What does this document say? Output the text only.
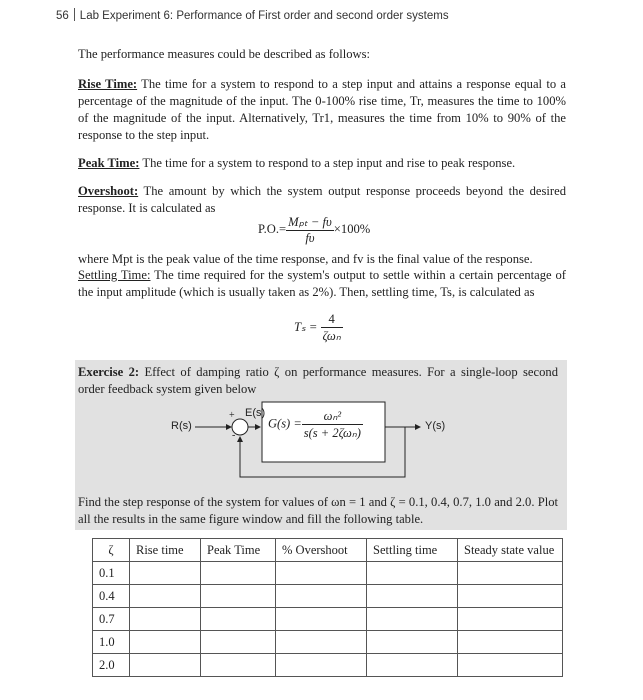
56 Lab Experiment 6: Performance of First order and second order systems
The performance measures could be described as follows:
Rise Time: The time for a system to respond to a step input and attains a response equal to a percentage of the magnitude of the input. The 0-100% rise time, Tr, measures the time to 100% of the magnitude of the input. Alternatively, Tr1, measures the time from 10% to 90% of the response to the step input.
Peak Time: The time for a system to respond to a step input and rise to peak response.
Overshoot: The amount by which the system output response proceeds beyond the desired response. It is calculated as
$P.O.= \frac{\text{Mₚₜ − fυ}}{f\upsilon} \times 100\%$
where Mpt is the peak value of the time response, and fv is the final value of the response.
Settling Time: The time required for the system's output to settle within a certain percentage of the input amplitude (which is usually taken as 2%). Then, settling time, Ts, is calculated as
$T_s = \frac{4}{\text{ζωₙ}}$
Exercise 2: Effect of damping ratio ζ on performance measures. For a single-loop second order feedback system given below
R(s)
E(s)
+
-
Y(s)
$G(s) = \frac{\text{ωₙ²}}{\text{s(s + 2ζωₙ)}}$
Find the step response of the system for values of ωn = 1 and ζ = 0.1, 0.4, 0.7, 1.0 and 2.0. Plot all the results in the same figure window and fill the following table.
ζ	Rise time	Peak Time	% Overshoot	Settling time	Steady state value
0.1					
0.4					
0.7					
1.0					
2.0					
